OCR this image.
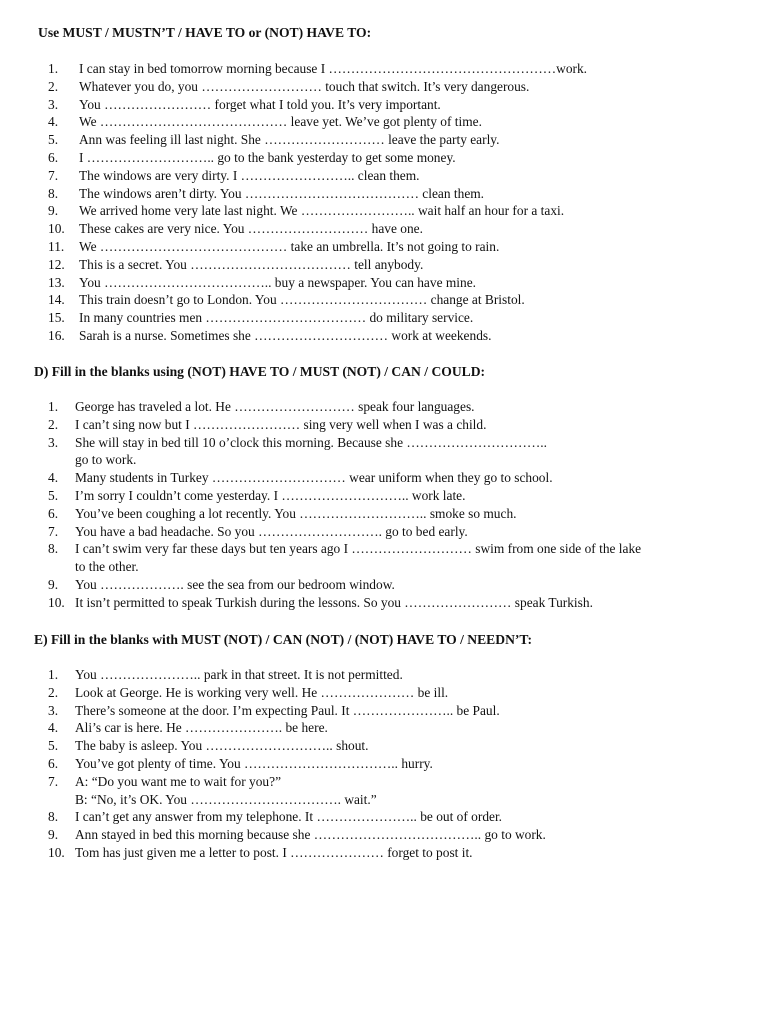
Use MUST / MUSTN’T / HAVE TO or (NOT) HAVE TO:
1. I can stay in bed tomorrow morning because I ……………………………………………work.
2. Whatever you do, you ……………………… touch that switch. It’s very dangerous.
3. You …………………… forget what I told you. It’s very important.
4. We …………………………………… leave yet. We’ve got plenty of time.
5. Ann was feeling ill last night. She ……………………… leave the party early.
6. I ……………………….. go to the bank yesterday to get some money.
7. The windows are very dirty. I …………………….. clean them.
8. The windows aren’t dirty. You ………………………………… clean them.
9. We arrived home very late last night. We …………………….. wait half an hour for a taxi.
10. These cakes are very nice. You ……………………… have one.
11. We …………………………………… take an umbrella. It’s not going to rain.
12. This is a secret. You ……………………………… tell anybody.
13. You ……………………………….. buy a newspaper. You can have mine.
14. This train doesn’t go to London. You …………………………… change at Bristol.
15. In many countries men ……………………………… do military service.
16. Sarah is a nurse. Sometimes she ………………………… work at weekends.
D) Fill in the blanks using (NOT) HAVE TO / MUST (NOT) / CAN / COULD:
1. George has traveled a lot. He ……………………… speak four languages.
2. I can’t sing now but I …………………… sing very well when I was a child.
3. She will stay in bed till 10 o’clock this morning. Because she …………………………..
go to work.
4. Many students in Turkey ………………………… wear uniform when they go to school.
5. I’m sorry I couldn’t come yesterday. I ……………………….. work late.
6. You’ve been coughing a lot recently. You ……………………….. smoke so much.
7. You have a bad headache. So you ………………………. go to bed early.
8. I can’t swim very far these days but ten years ago I ……………………… swim from one side of the lake
to the other.
9. You ………………. see the sea from our bedroom window.
10. It isn’t permitted to speak Turkish during the lessons. So you …………………… speak Turkish.
E) Fill in the blanks with MUST (NOT) / CAN (NOT) / (NOT) HAVE TO / NEEDN’T:
1. You ………………….. park in that street. It is not permitted.
2. Look at George. He is working very well. He ………………… be ill.
3. There’s someone at the door. I’m expecting Paul. It ………………….. be Paul.
4. Ali’s car is here. He …………………. be here.
5. The baby is asleep. You ……………………….. shout.
6. You’ve got plenty of time. You …………………………….. hurry.
7. A: “Do you want me to wait for you?”
B: “No, it’s OK. You ……………………………. wait.”
8. I can’t get any answer from my telephone. It ………………….. be out of order.
9. Ann stayed in bed this morning because she ……………………………….. go to work.
10. Tom has just given me a letter to post. I ………………… forget to post it.
